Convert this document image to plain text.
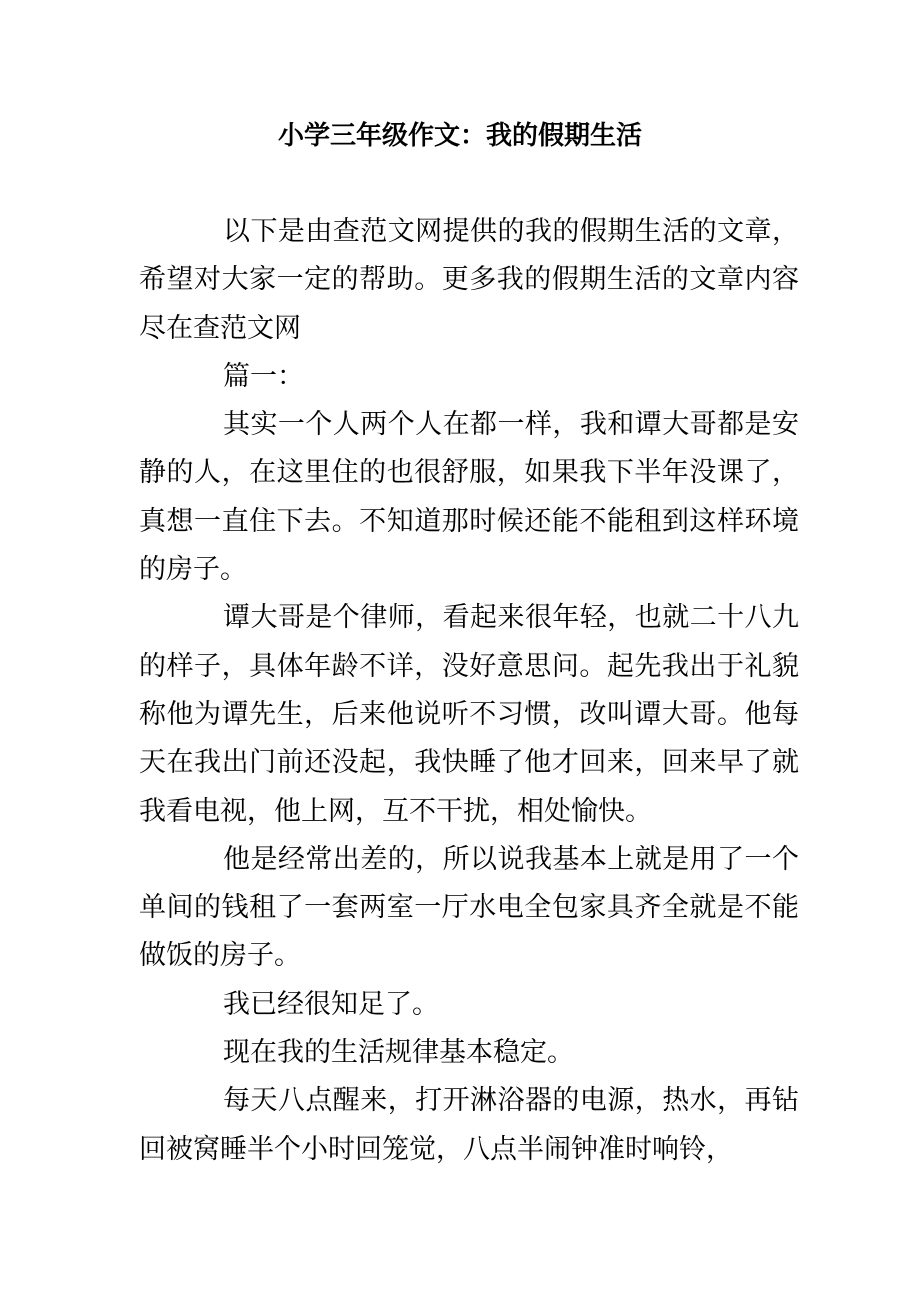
小学三年级作文：我的假期生活

以下是由查范文网提供的我的假期生活的文章，希望对大家一定的帮助。更多我的假期生活的文章内容尽在查范文网

篇一：

其实一个人两个人在都一样，我和谭大哥都是安静的人，在这里住的也很舒服，如果我下半年没课了，真想一直住下去。不知道那时候还能不能租到这样环境的房子。

谭大哥是个律师，看起来很年轻，也就二十八九的样子，具体年龄不详，没好意思问。起先我出于礼貌称他为谭先生，后来他说听不习惯，改叫谭大哥。他每天在我出门前还没起，我快睡了他才回来，回来早了就我看电视，他上网，互不干扰，相处愉快。

他是经常出差的，所以说我基本上就是用了一个单间的钱租了一套两室一厅水电全包家具齐全就是不能做饭的房子。

我已经很知足了。

现在我的生活规律基本稳定。

每天八点醒来，打开淋浴器的电源，热水，再钻回被窝睡半个小时回笼觉，八点半闹钟准时响铃，
